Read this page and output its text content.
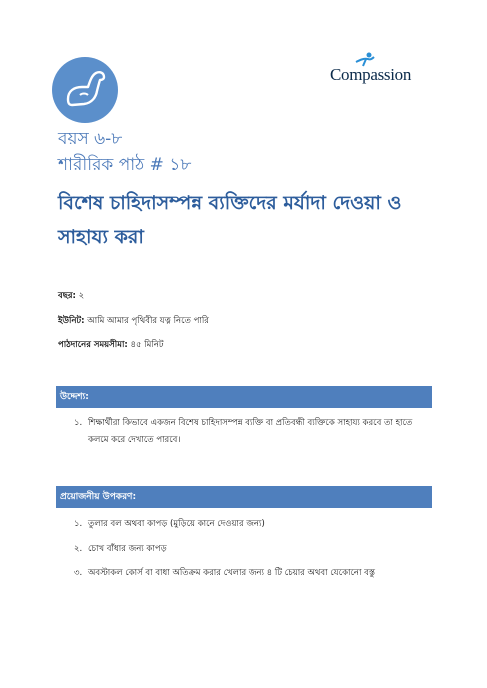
Compassion
বয়স ৬-৮
শারীরিক পাঠ # ১৮
বিশেষ চাহিদাসম্পন্ন ব্যক্তিদের মর্যাদা দেওয়া ও সাহায্য করা
বছর: ২
ইউনিট: আমি আমার পৃথিবীর যত্ন নিতে পারি
পাঠদানের সময়সীমা: ৪৫ মিনিট
উদ্দেশ্য:
১. শিক্ষার্থীরা কিভাবে একজন বিশেষ চাহিদাসম্পন্ন ব্যক্তি বা প্রতিবন্ধী ব্যক্তিকে সাহায্য করবে তা হাতে কলমে করে দেখাতে পারবে।
প্রয়োজনীয় উপকরণ:
১. তুলার বল অথবা কাপড় (মুড়িয়ে কানে দেওয়ার জন্য)
২. চোখ বাঁধার জন্য কাপড়
৩. অবস্টাকল কোর্স বা বাধা অতিক্রম করার খেলার জন্য ৪ টি চেয়ার অথবা যেকোনো বস্তু
